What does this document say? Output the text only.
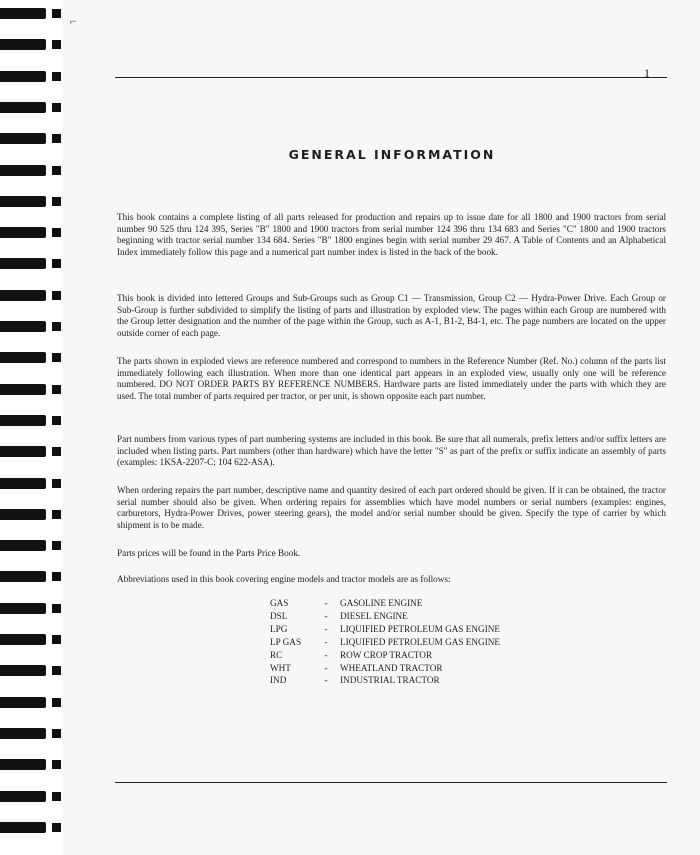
⌐
1
GENERAL INFORMATION

This book contains a complete listing of all parts released for production and repairs up to issue date for all 1800 and 1900 tractors from serial number 90 525 thru 124 395, Series "B" 1800 and 1900 tractors from serial number 124 396 thru 134 683 and Series "C" 1800 and 1900 tractors beginning with tractor serial number 134 684. Series "B" 1800 engines begin with serial number 29 467. A Table of Contents and an Alphabetical Index immediately follow this page and a numerical part number index is listed in the back of the book.

This book is divided into lettered Groups and Sub-Groups such as Group C1 — Transmission, Group C2 — Hydra-Power Drive. Each Group or Sub-Group is further subdivided to simplify the listing of parts and illustration by exploded view. The pages within each Group are numbered with the Group letter designation and the number of the page within the Group, such as A-1, B1-2, B4-1, etc. The page numbers are located on the upper outside corner of each page.

The parts shown in exploded views are reference numbered and correspond to numbers in the Reference Number (Ref. No.) column of the parts list immediately following each illustration. When more than one identical part appears in an exploded view, usually only one will be reference numbered. DO NOT ORDER PARTS BY REFERENCE NUMBERS. Hardware parts are listed immediately under the parts with which they are used. The total number of parts required per tractor, or per unit, is shown opposite each part number.

Part numbers from various types of part numbering systems are included in this book. Be sure that all numerals, prefix letters and/or suffix letters are included when listing parts. Part numbers (other than hardware) which have the letter "S" as part of the prefix or suffix indicate an assembly of parts (examples: 1KSA-2207-C; 104 622-ASA).

When ordering repairs the part number, descriptive name and quantity desired of each part ordered should be given. If it can be obtained, the tractor serial number should also be given. When ordering repairs for assemblies which have model numbers or serial numbers (examples: engines, carburetors, Hydra-Power Drives, power steering gears), the model and/or serial number should be given. Specify the type of carrier by which shipment is to be made.

Parts prices will be found in the Parts Price Book.

Abbreviations used in this book covering engine models and tractor models are as follows:

GAS	-	GASOLINE ENGINE
DSL	-	DIESEL ENGINE
LPG	-	LIQUIFIED PETROLEUM GAS ENGINE
LP GAS	-	LIQUIFIED PETROLEUM GAS ENGINE
RC	-	ROW CROP TRACTOR
WHT	-	WHEATLAND TRACTOR
IND	-	INDUSTRIAL TRACTOR
